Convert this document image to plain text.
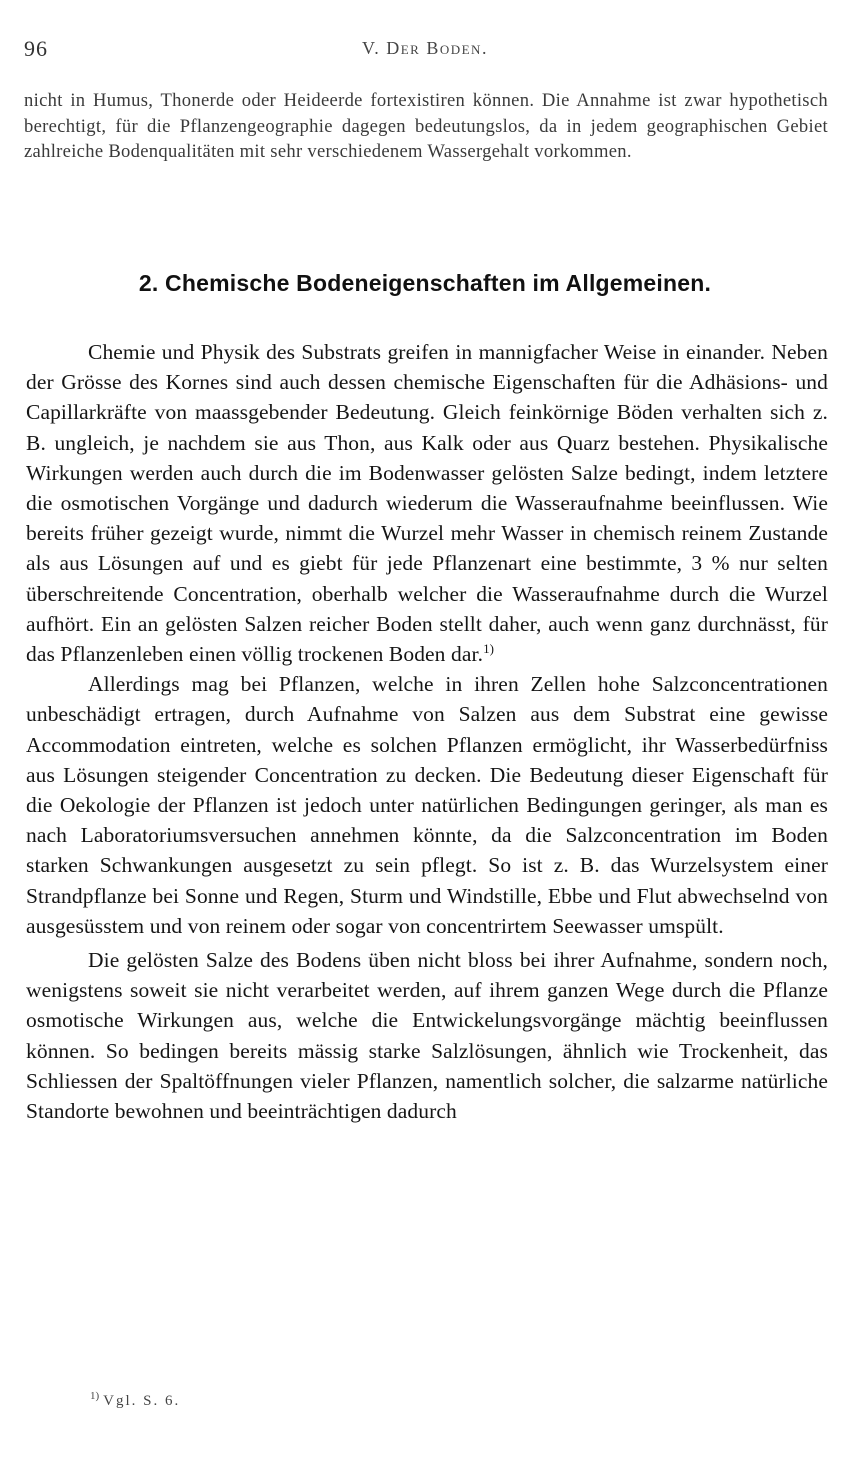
96	V. Der Boden.

nicht in Humus, Thonerde oder Heideerde fortexistiren können. Die Annahme ist zwar hypothetisch berechtigt, für die Pflanzengeographie dagegen bedeutungslos, da in jedem geographischen Gebiet zahlreiche Bodenqualitäten mit sehr verschiedenem Wassergehalt vorkommen.

2. Chemische Bodeneigenschaften im Allgemeinen.

Chemie und Physik des Substrats greifen in mannigfacher Weise in einander. Neben der Grösse des Kornes sind auch dessen chemische Eigenschaften für die Adhäsions- und Capillarkräfte von maassgebender Bedeutung. Gleich feinkörnige Böden verhalten sich z. B. ungleich, je nachdem sie aus Thon, aus Kalk oder aus Quarz bestehen. Physikalische Wirkungen werden auch durch die im Bodenwasser gelösten Salze bedingt, indem letztere die osmotischen Vorgänge und dadurch wiederum die Wasseraufnahme beeinflussen. Wie bereits früher gezeigt wurde, nimmt die Wurzel mehr Wasser in chemisch reinem Zustande als aus Lösungen auf und es giebt für jede Pflanzenart eine bestimmte, 3 % nur selten überschreitende Concentration, oberhalb welcher die Wasseraufnahme durch die Wurzel aufhört. Ein an gelösten Salzen reicher Boden stellt daher, auch wenn ganz durchnässt, für das Pflanzenleben einen völlig trockenen Boden dar.$^{1)}$

Allerdings mag bei Pflanzen, welche in ihren Zellen hohe Salzconcentrationen unbeschädigt ertragen, durch Aufnahme von Salzen aus dem Substrat eine gewisse Accommodation eintreten, welche es solchen Pflanzen ermöglicht, ihr Wasserbedürfniss aus Lösungen steigender Concentration zu decken. Die Bedeutung dieser Eigenschaft für die Oekologie der Pflanzen ist jedoch unter natürlichen Bedingungen geringer, als man es nach Laboratoriumsversuchen annehmen könnte, da die Salzconcentration im Boden starken Schwankungen ausgesetzt zu sein pflegt. So ist z. B. das Wurzelsystem einer Strandpflanze bei Sonne und Regen, Sturm und Windstille, Ebbe und Flut abwechselnd von ausgesüsstem und von reinem oder sogar von concentrirtem Seewasser umspült.

Die gelösten Salze des Bodens üben nicht bloss bei ihrer Aufnahme, sondern noch, wenigstens soweit sie nicht verarbeitet werden, auf ihrem ganzen Wege durch die Pflanze osmotische Wirkungen aus, welche die Entwickelungsvorgänge mächtig beeinflussen können. So bedingen bereits mässig starke Salzlösungen, ähnlich wie Trockenheit, das Schliessen der Spaltöffnungen vieler Pflanzen, namentlich solcher, die salzarme natürliche Standorte bewohnen und beeinträchtigen dadurch

$^{1)}$ Vgl. S. 6.
